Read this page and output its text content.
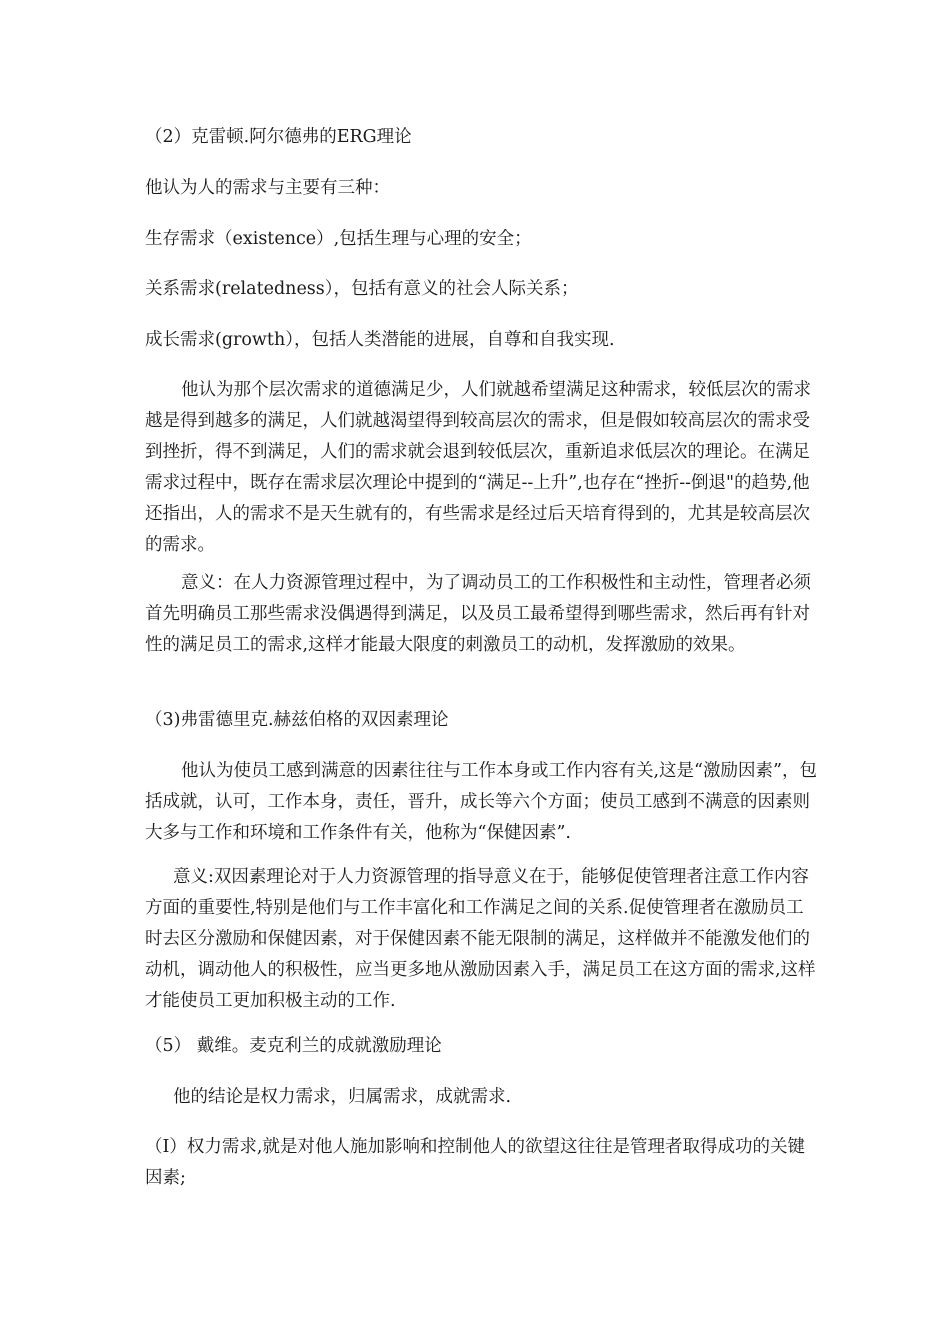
（2）克雷顿.阿尔德弗的ERG理论

他认为人的需求与主要有三种：

生存需求（existence）,包括生理与心理的安全；

关系需求(relatedness），包括有意义的社会人际关系；

成长需求(growth），包括人类潜能的进展，自尊和自我实现.

他认为那个层次需求的道德满足少，人们就越希望满足这种需求，较低层次的需求越是得到越多的满足，人们就越渴望得到较高层次的需求，但是假如较高层次的需求受到挫折，得不到满足，人们的需求就会退到较低层次，重新追求低层次的理论。在满足需求过程中，既存在需求层次理论中提到的“满足--上升”,也存在“挫折--倒退"的趋势,他还指出，人的需求不是天生就有的，有些需求是经过后天培育得到的，尤其是较高层次的需求。

意义：在人力资源管理过程中，为了调动员工的工作积极性和主动性，管理者必须首先明确员工那些需求没偶遇得到满足，以及员工最希望得到哪些需求，然后再有针对性的满足员工的需求,这样才能最大限度的刺激员工的动机，发挥激励的效果。

（3)弗雷德里克.赫兹伯格的双因素理论

他认为使员工感到满意的因素往往与工作本身或工作内容有关,这是“激励因素”，包括成就，认可，工作本身，责任，晋升，成长等六个方面；使员工感到不满意的因素则大多与工作和环境和工作条件有关，他称为“保健因素”.

意义:双因素理论对于人力资源管理的指导意义在于，能够促使管理者注意工作内容方面的重要性,特别是他们与工作丰富化和工作满足之间的关系.促使管理者在激励员工时去区分激励和保健因素，对于保健因素不能无限制的满足，这样做并不能激发他们的动机，调动他人的积极性，应当更多地从激励因素入手，满足员工在这方面的需求,这样才能使员工更加积极主动的工作.

（5） 戴维。麦克利兰的成就激励理论

他的结论是权力需求，归属需求，成就需求.

（Ⅰ）权力需求,就是对他人施加影响和控制他人的欲望这往往是管理者取得成功的关键因素;
